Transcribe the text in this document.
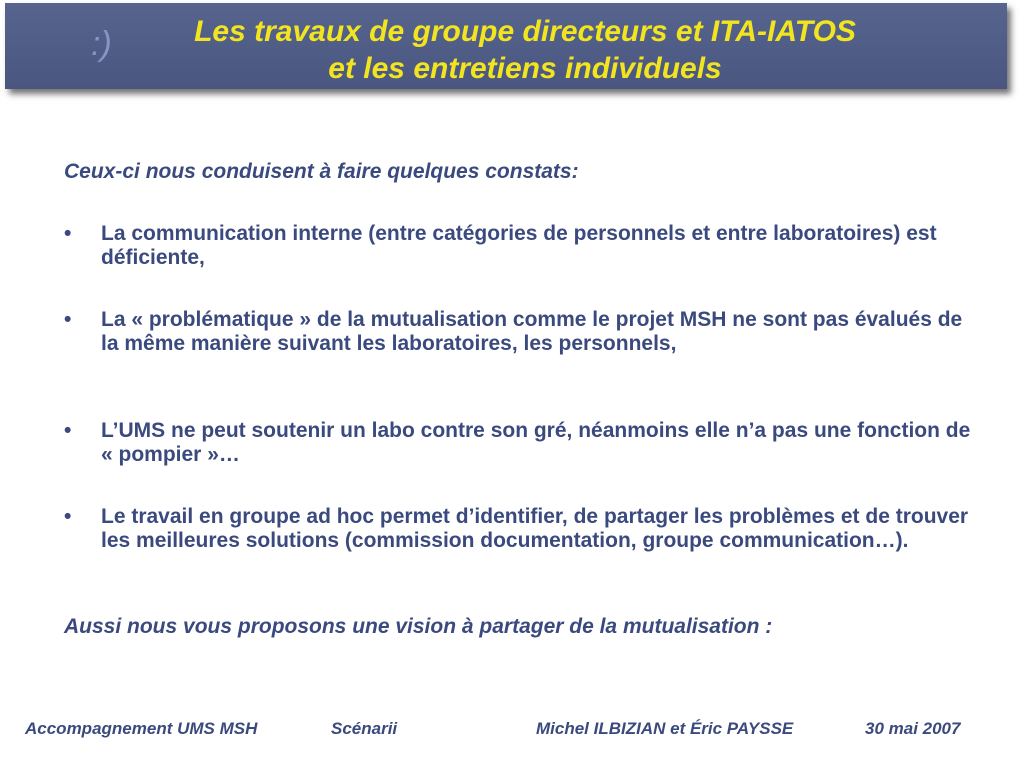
:)	Les travaux de groupe directeurs et ITA-IATOS
et les entretiens individuels
Ceux-ci nous conduisent à faire quelques constats:
• La communication interne (entre catégories de personnels et entre laboratoires) est déficiente,
• La « problématique » de la mutualisation comme le projet MSH ne sont pas évalués de la même manière suivant les laboratoires, les personnels,
• L’UMS ne peut soutenir un labo contre son gré, néanmoins elle n’a pas une fonction de « pompier »…
• Le travail en groupe ad hoc permet d’identifier, de partager les problèmes et de trouver les meilleures solutions (commission documentation, groupe communication…).
Aussi nous vous proposons une vision à partager de la mutualisation :
Accompagnement UMS MSH	Scénarii	Michel ILBIZIAN et Éric PAYSSE	30 mai 2007
